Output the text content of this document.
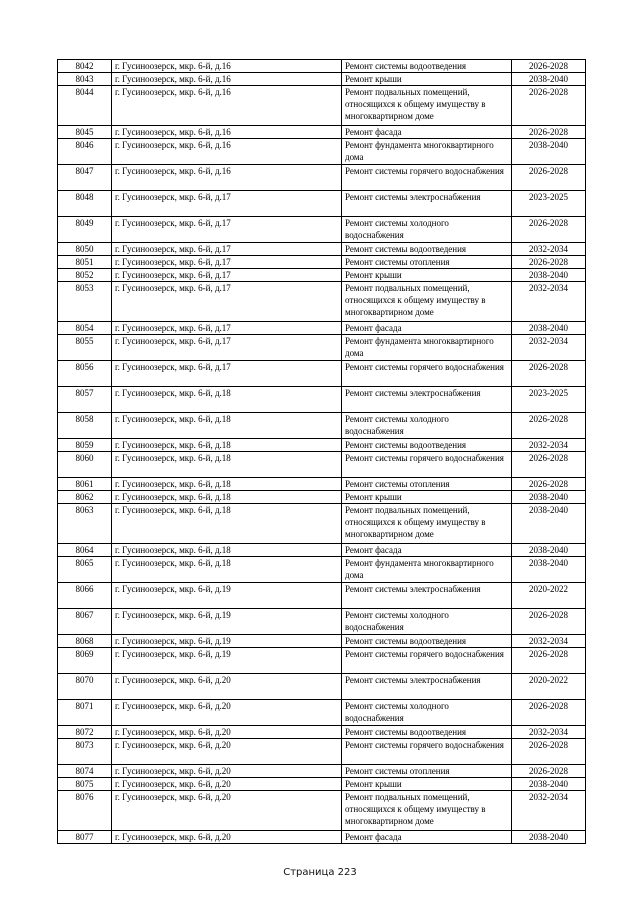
8042	г. Гусиноозерск, мкр. 6-й, д.16	Ремонт системы водоотведения	2026-2028
8043	г. Гусиноозерск, мкр. 6-й, д.16	Ремонт крыши	2038-2040
8044	г. Гусиноозерск, мкр. 6-й, д.16	Ремонт подвальных помещений, относящихся к общему имуществу в многоквартирном доме	2026-2028
8045	г. Гусиноозерск, мкр. 6-й, д.16	Ремонт фасада	2026-2028
8046	г. Гусиноозерск, мкр. 6-й, д.16	Ремонт фундамента многоквартирного дома	2038-2040
8047	г. Гусиноозерск, мкр. 6-й, д.16	Ремонт системы горячего водоснабжения	2026-2028
8048	г. Гусиноозерск, мкр. 6-й, д.17	Ремонт системы электроснабжения	2023-2025
8049	г. Гусиноозерск, мкр. 6-й, д.17	Ремонт системы холодного водоснабжения	2026-2028
8050	г. Гусиноозерск, мкр. 6-й, д.17	Ремонт системы водоотведения	2032-2034
8051	г. Гусиноозерск, мкр. 6-й, д.17	Ремонт системы отопления	2026-2028
8052	г. Гусиноозерск, мкр. 6-й, д.17	Ремонт крыши	2038-2040
8053	г. Гусиноозерск, мкр. 6-й, д.17	Ремонт подвальных помещений, относящихся к общему имуществу в многоквартирном доме	2032-2034
8054	г. Гусиноозерск, мкр. 6-й, д.17	Ремонт фасада	2038-2040
8055	г. Гусиноозерск, мкр. 6-й, д.17	Ремонт фундамента многоквартирного дома	2032-2034
8056	г. Гусиноозерск, мкр. 6-й, д.17	Ремонт системы горячего водоснабжения	2026-2028
8057	г. Гусиноозерск, мкр. 6-й, д.18	Ремонт системы электроснабжения	2023-2025
8058	г. Гусиноозерск, мкр. 6-й, д.18	Ремонт системы холодного водоснабжения	2026-2028
8059	г. Гусиноозерск, мкр. 6-й, д.18	Ремонт системы водоотведения	2032-2034
8060	г. Гусиноозерск, мкр. 6-й, д.18	Ремонт системы горячего водоснабжения	2026-2028
8061	г. Гусиноозерск, мкр. 6-й, д.18	Ремонт системы отопления	2026-2028
8062	г. Гусиноозерск, мкр. 6-й, д.18	Ремонт крыши	2038-2040
8063	г. Гусиноозерск, мкр. 6-й, д.18	Ремонт подвальных помещений, относящихся к общему имуществу в многоквартирном доме	2038-2040
8064	г. Гусиноозерск, мкр. 6-й, д.18	Ремонт фасада	2038-2040
8065	г. Гусиноозерск, мкр. 6-й, д.18	Ремонт фундамента многоквартирного дома	2038-2040
8066	г. Гусиноозерск, мкр. 6-й, д.19	Ремонт системы электроснабжения	2020-2022
8067	г. Гусиноозерск, мкр. 6-й, д.19	Ремонт системы холодного водоснабжения	2026-2028
8068	г. Гусиноозерск, мкр. 6-й, д.19	Ремонт системы водоотведения	2032-2034
8069	г. Гусиноозерск, мкр. 6-й, д.19	Ремонт системы горячего водоснабжения	2026-2028
8070	г. Гусиноозерск, мкр. 6-й, д.20	Ремонт системы электроснабжения	2020-2022
8071	г. Гусиноозерск, мкр. 6-й, д.20	Ремонт системы холодного водоснабжения	2026-2028
8072	г. Гусиноозерск, мкр. 6-й, д.20	Ремонт системы водоотведения	2032-2034
8073	г. Гусиноозерск, мкр. 6-й, д.20	Ремонт системы горячего водоснабжения	2026-2028
8074	г. Гусиноозерск, мкр. 6-й, д.20	Ремонт системы отопления	2026-2028
8075	г. Гусиноозерск, мкр. 6-й, д.20	Ремонт крыши	2038-2040
8076	г. Гусиноозерск, мкр. 6-й, д.20	Ремонт подвальных помещений, относящихся к общему имуществу в многоквартирном доме	2032-2034
8077	г. Гусиноозерск, мкр. 6-й, д.20	Ремонт фасада	2038-2040
Страница 223
